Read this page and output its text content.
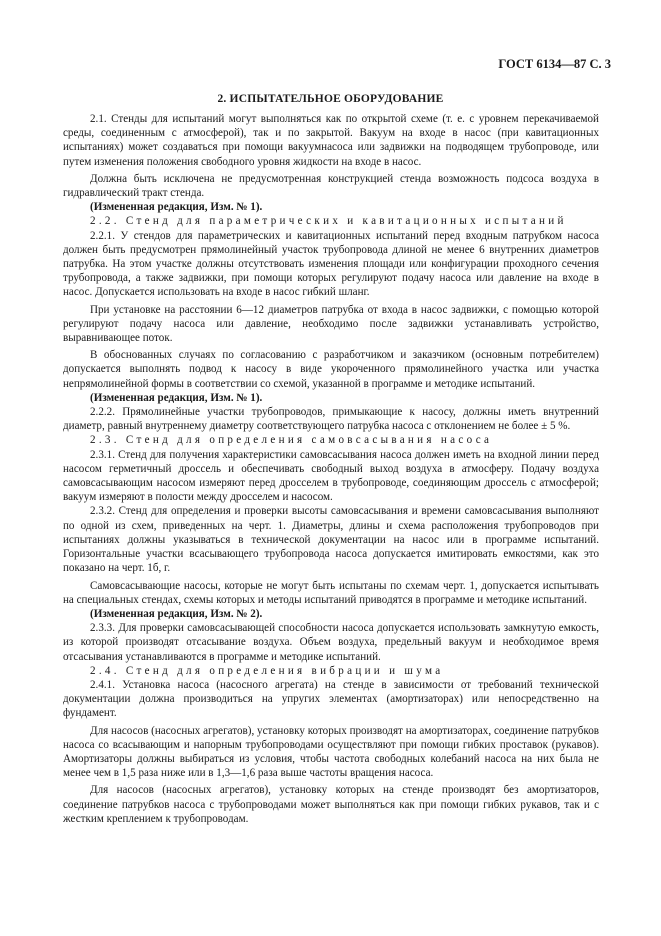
ГОСТ 6134—87 С. 3
2. ИСПЫТАТЕЛЬНОЕ ОБОРУДОВАНИЕ

2.1. Стенды для испытаний могут выполняться как по открытой схеме (т. е. с уровнем перекачиваемой среды, соединенным с атмосферой), так и по закрытой. Вакуум на входе в насос (при кавитационных испытаниях) может создаваться при помощи вакуумнасоса или задвижки на подводящем трубопроводе, или путем изменения положения свободного уровня жидкости на входе в насос.

Должна быть исключена не предусмотренная конструкцией стенда возможность подсоса воздуха в гидравлический тракт стенда.

(Измененная редакция, Изм. № 1).

2.2. Стенд для параметрических и кавитационных испытаний

2.2.1. У стендов для параметрических и кавитационных испытаний перед входным патрубком насоса должен быть предусмотрен прямолинейный участок трубопровода длиной не менее 6 внутренних диаметров патрубка. На этом участке должны отсутствовать изменения площади или конфигурации проходного сечения трубопровода, а также задвижки, при помощи которых регулируют подачу насоса или давление на входе в насос. Допускается использовать на входе в насос гибкий шланг.

При установке на расстоянии 6—12 диаметров патрубка от входа в насос задвижки, с помощью которой регулируют подачу насоса или давление, необходимо после задвижки устанавливать устройство, выравнивающее поток.

В обоснованных случаях по согласованию с разработчиком и заказчиком (основным потребителем) допускается выполнять подвод к насосу в виде укороченного прямолинейного участка или участка непрямолинейной формы в соответствии со схемой, указанной в программе и методике испытаний.

(Измененная редакция, Изм. № 1).

2.2.2. Прямолинейные участки трубопроводов, примыкающие к насосу, должны иметь внутренний диаметр, равный внутреннему диаметру соответствующего патрубка насоса с отклонением не более ± 5 %.

2.3. Стенд для определения самовсасывания насоса

2.3.1. Стенд для получения характеристики самовсасывания насоса должен иметь на входной линии перед насосом герметичный дроссель и обеспечивать свободный выход воздуха в атмосферу. Подачу воздуха самовсасывающим насосом измеряют перед дросселем в трубопроводе, соединяющим дроссель с атмосферой; вакуум измеряют в полости между дросселем и насосом.

2.3.2. Стенд для определения и проверки высоты самовсасывания и времени самовсасывания выполняют по одной из схем, приведенных на черт. 1. Диаметры, длины и схема расположения трубопроводов при испытаниях должны указываться в технической документации на насос или в программе испытаний. Горизонтальные участки всасывающего трубопровода насоса допускается имитировать емкостями, как это показано на черт. 1б, г.

Самовсасывающие насосы, которые не могут быть испытаны по схемам черт. 1, допускается испытывать на специальных стендах, схемы которых и методы испытаний приводятся в программе и методике испытаний.

(Измененная редакция, Изм. № 2).

2.3.3. Для проверки самовсасывающей способности насоса допускается использовать замкнутую емкость, из которой производят отсасывание воздуха. Объем воздуха, предельный вакуум и необходимое время отсасывания устанавливаются в программе и методике испытаний.

2.4. Стенд для определения вибрации и шума

2.4.1. Установка насоса (насосного агрегата) на стенде в зависимости от требований технической документации должна производиться на упругих элементах (амортизаторах) или непосредственно на фундамент.

Для насосов (насосных агрегатов), установку которых производят на амортизаторах, соединение патрубков насоса со всасывающим и напорным трубопроводами осуществляют при помощи гибких проставок (рукавов). Амортизаторы должны выбираться из условия, чтобы частота свободных колебаний насоса на них была не менее чем в 1,5 раза ниже или в 1,3—1,6 раза выше частоты вращения насоса.

Для насосов (насосных агрегатов), установку которых на стенде производят без амортизаторов, соединение патрубков насоса с трубопроводами может выполняться как при помощи гибких рукавов, так и с жестким креплением к трубопроводам.
